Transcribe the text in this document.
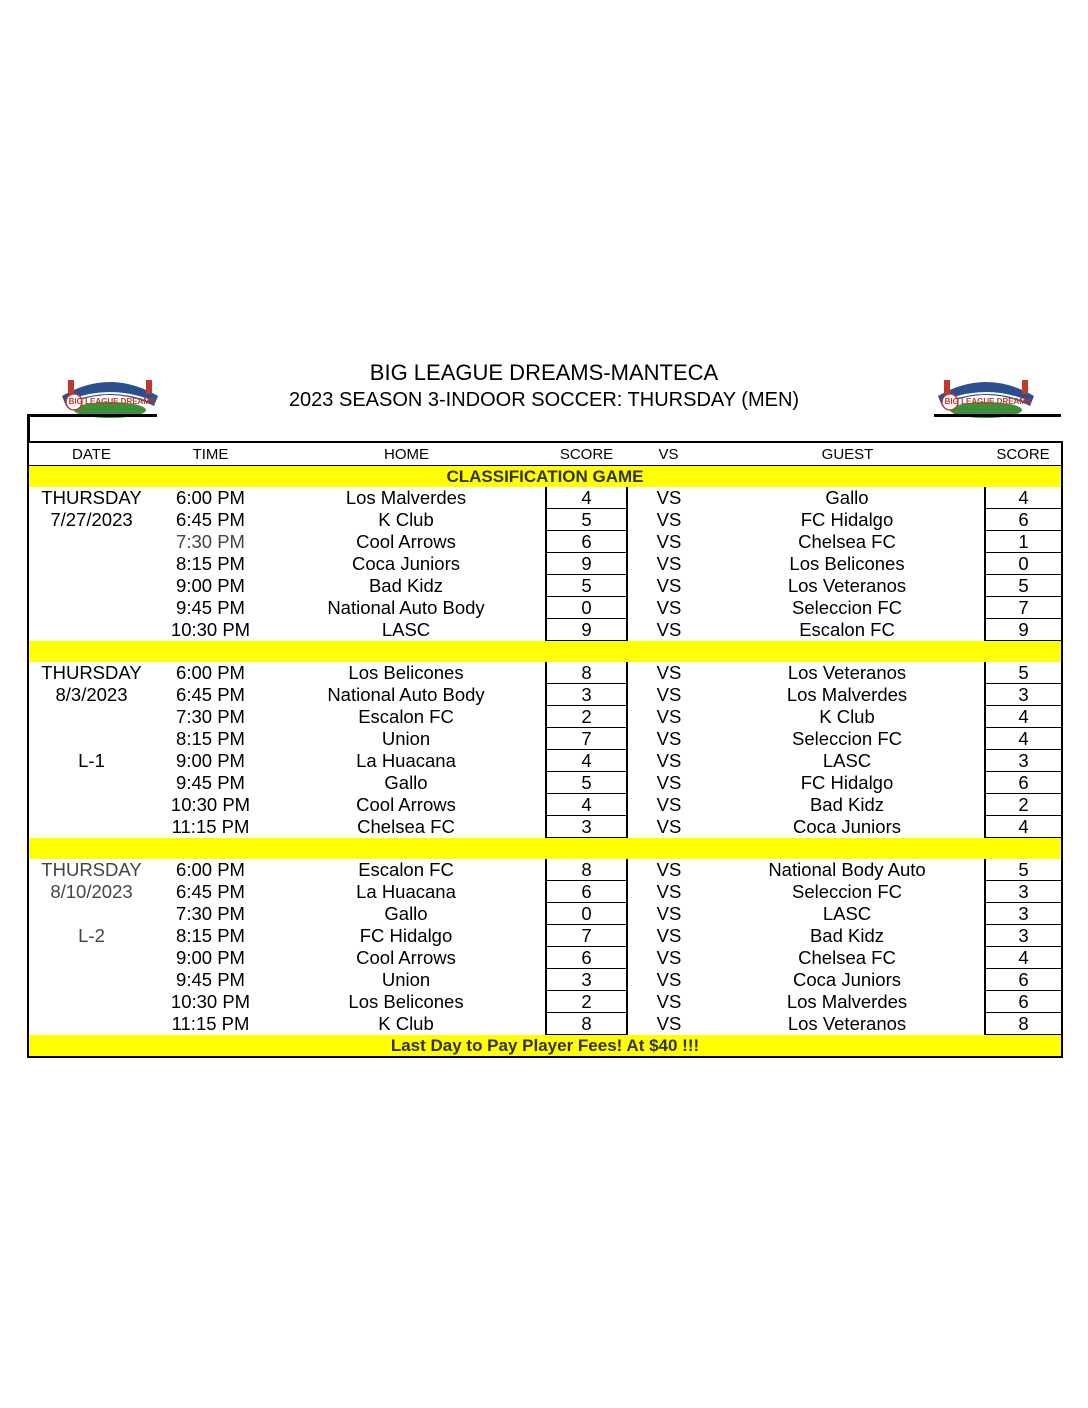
BIG LEAGUE DREAMS	BIG LEAGUE DREAMS
BIG LEAGUE DREAMS-MANTECA
2023 SEASON 3-INDOOR SOCCER: THURSDAY (MEN)
DATE	TIME	HOME	SCORE	VS	GUEST	SCORE
CLASSIFICATION GAME						
THURSDAY	6:00 PM	Los Malverdes	4	VS	Gallo	4
7/27/2023	6:45 PM	K Club	5	VS	FC Hidalgo	6
	7:30 PM	Cool Arrows	6	VS	Chelsea FC	1
	8:15 PM	Coca Juniors	9	VS	Los Belicones	0
	9:00 PM	Bad Kidz	5	VS	Los Veteranos	5
	9:45 PM	National Auto Body	0	VS	Seleccion FC	7
	10:30 PM	LASC	9	VS	Escalon FC	9

THURSDAY	6:00 PM	Los Belicones	8	VS	Los Veteranos	5
8/3/2023	6:45 PM	National Auto Body	3	VS	Los Malverdes	3
	7:30 PM	Escalon FC	2	VS	K Club	4
	8:15 PM	Union	7	VS	Seleccion FC	4
L-1	9:00 PM	La Huacana	4	VS	LASC	3
	9:45 PM	Gallo	5	VS	FC Hidalgo	6
	10:30 PM	Cool Arrows	4	VS	Bad Kidz	2
	11:15 PM	Chelsea FC	3	VS	Coca Juniors	4

THURSDAY	6:00 PM	Escalon FC	8	VS	National Body Auto	5
8/10/2023	6:45 PM	La Huacana	6	VS	Seleccion FC	3
	7:30 PM	Gallo	0	VS	LASC	3
L-2	8:15 PM	FC Hidalgo	7	VS	Bad Kidz	3
	9:00 PM	Cool Arrows	6	VS	Chelsea FC	4
	9:45 PM	Union	3	VS	Coca Juniors	6
	10:30 PM	Los Belicones	2	VS	Los Malverdes	6
	11:15 PM	K Club	8	VS	Los Veteranos	8
Last Day to Pay Player Fees! At $40 !!!						
